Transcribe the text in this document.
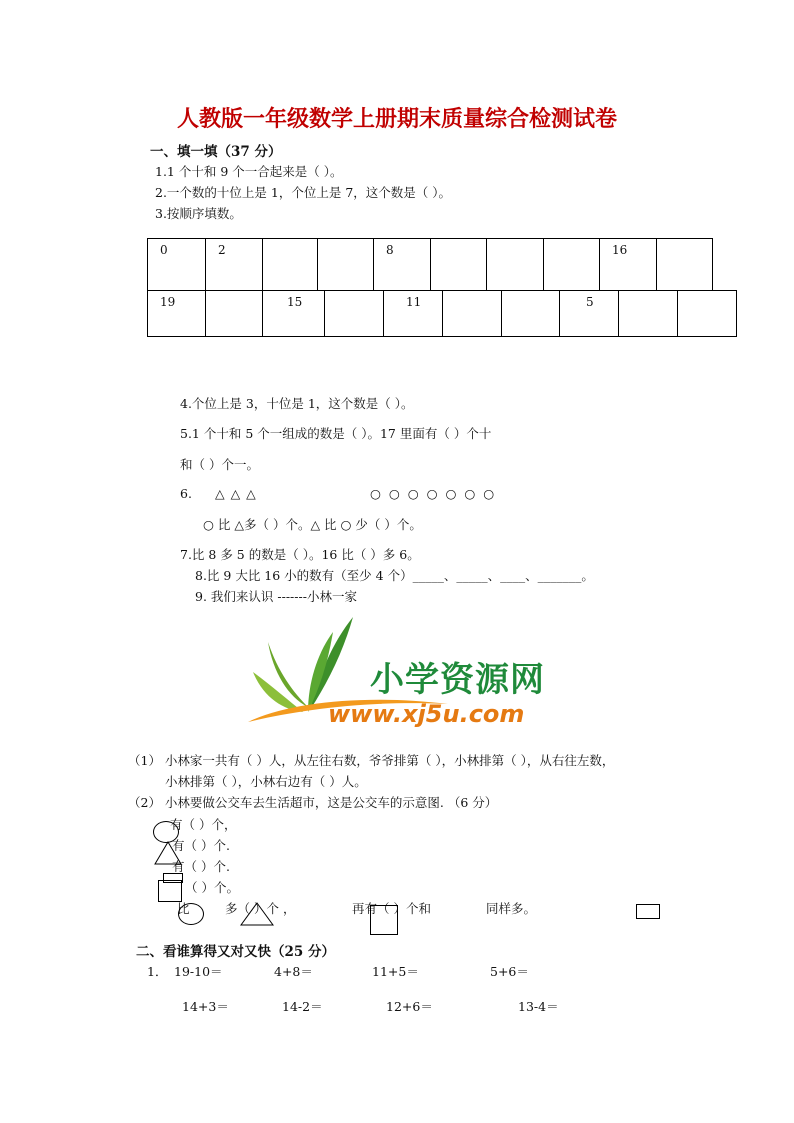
人教版一年级数学上册期末质量综合检测试卷
一、填一填（37 分）
1.1 个十和 9 个一合起来是（ ）。
2.一个数的十位上是 1，个位上是 7，这个数是（ ）。
3.按顺序填数。
0	2			8				16	
19		15		11			5		
4.个位上是 3，十位是 1，这个数是（ ）。
5.1 个十和 5 个一组成的数是（ ）。17 里面有（ ）个十
和（ ）个一。
6. △ △ △	○ ○ ○ ○ ○ ○ ○
○ 比 △多（ ）个。△ 比 ○ 少（ ）个。
7.比 8 多 5 的数是（ ）。16 比（ ）多 6。
8.比 9 大比 16 小的数有（至少 4 个）_____、_____、____、_______。
9. 我们来认识 -------小林一家
小学资源网
www.xj5u.com
（1） 小林家一共有（ ）人，从左往右数，爷爷排第（ ），小林排第（ ），从右往左数，
小林排第（ ），小林右边有（ ）人。
（2） 小林要做公交车去生活超市，这是公交车的示意图. （6 分）
有（ ）个，
有（ ）个.
有（ ）个.
（ ）个。
比	多（ ）个 ，	再有（ ）个和	同样多。
二、看谁算得又对又快（25 分）
1． 19-10＝	4+8＝	11+5＝	5+6＝
14+3＝	14-2＝	12+6＝	13-4＝
